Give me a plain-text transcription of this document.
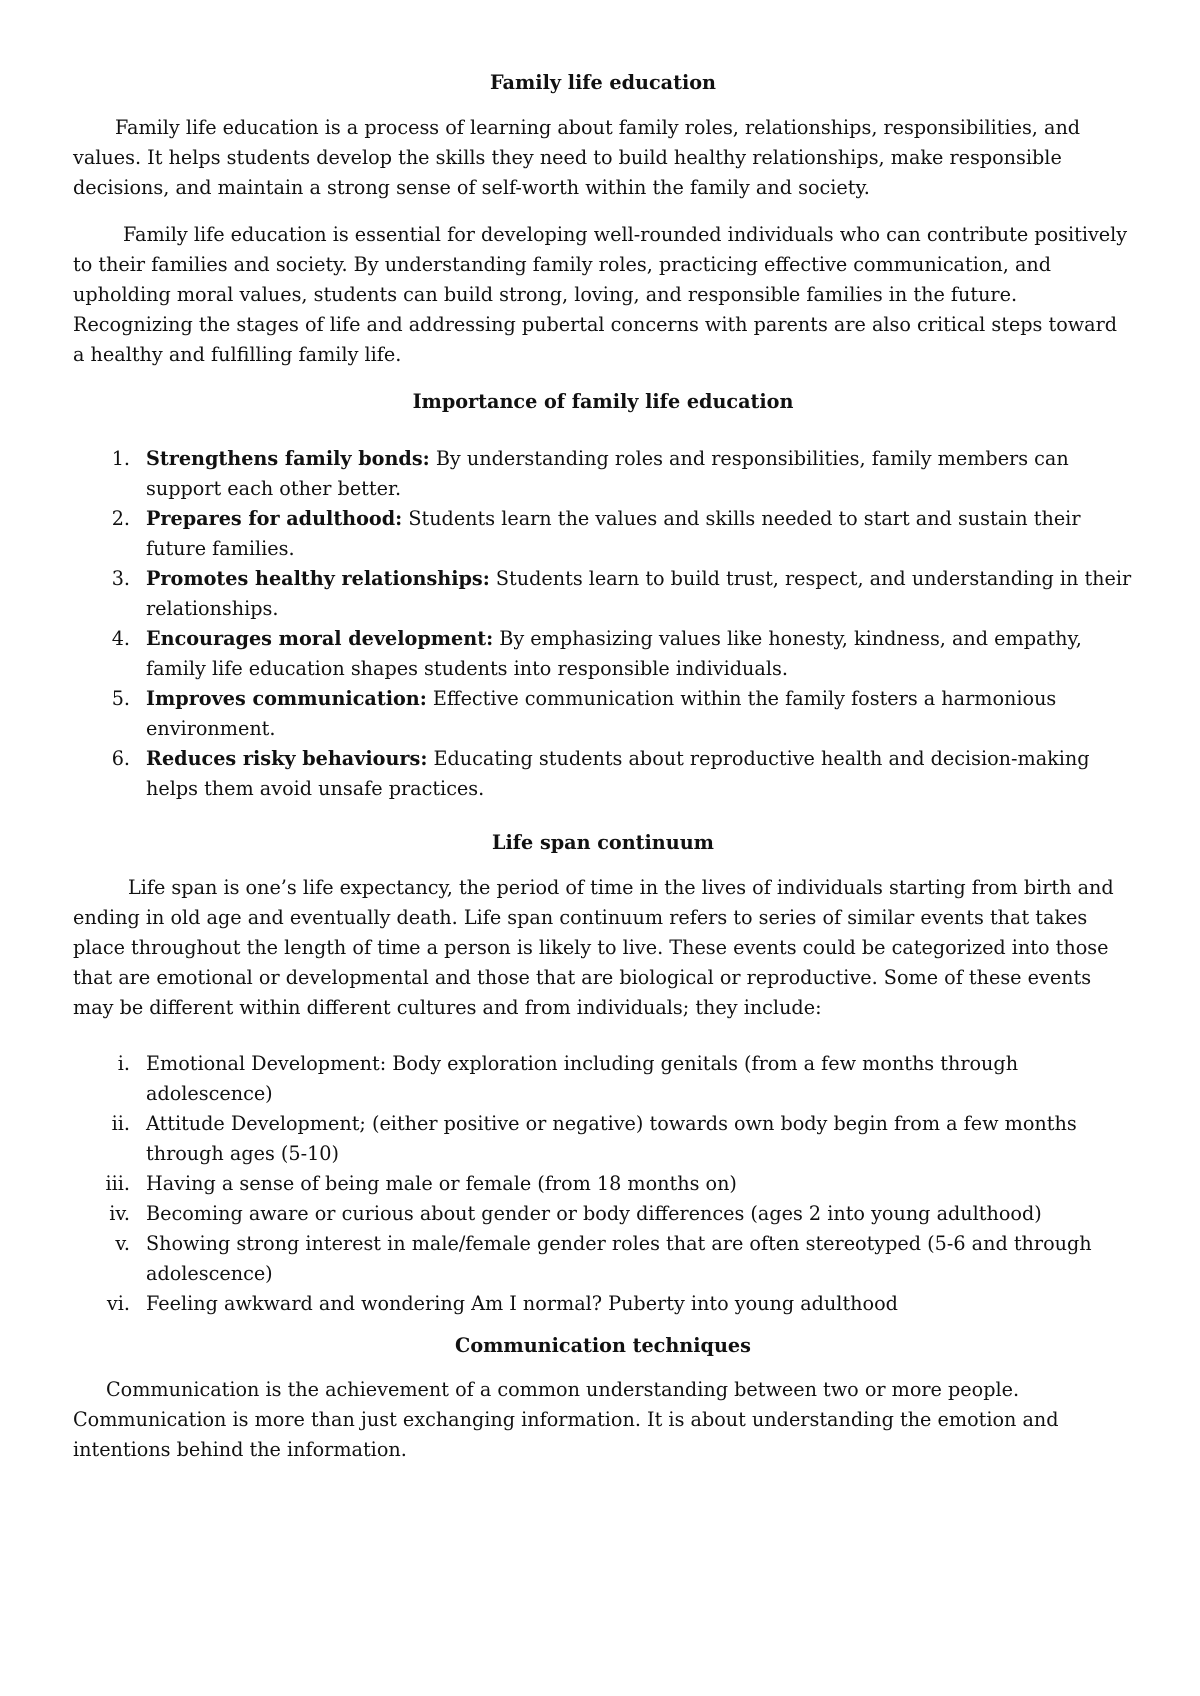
Family life education

Family life education is a process of learning about family roles, relationships, responsibilities, and values. It helps students develop the skills they need to build healthy relationships, make responsible decisions, and maintain a strong sense of self-worth within the family and society.

Family life education is essential for developing well-rounded individuals who can contribute positively to their families and society. By understanding family roles, practicing effective communication, and upholding moral values, students can build strong, loving, and responsible families in the future. Recognizing the stages of life and addressing pubertal concerns with parents are also critical steps toward a healthy and fulfilling family life.

Importance of family life education
1. Strengthens family bonds: By understanding roles and responsibilities, family members can support each other better.
2. Prepares for adulthood: Students learn the values and skills needed to start and sustain their future families.
3. Promotes healthy relationships: Students learn to build trust, respect, and understanding in their relationships.
4. Encourages moral development: By emphasizing values like honesty, kindness, and empathy, family life education shapes students into responsible individuals.
5. Improves communication: Effective communication within the family fosters a harmonious environment.
6. Reduces risky behaviours: Educating students about reproductive health and decision-making helps them avoid unsafe practices.
Life span continuum

Life span is one’s life expectancy, the period of time in the lives of individuals starting from birth and ending in old age and eventually death. Life span continuum refers to series of similar events that takes place throughout the length of time a person is likely to live. These events could be categorized into those that are emotional or developmental and those that are biological or reproductive. Some of these events may be different within different cultures and from individuals; they include:

i. Emotional Development: Body exploration including genitals (from a few months through adolescence)
ii. Attitude Development; (either positive or negative) towards own body begin from a few months through ages (5-10)
iii. Having a sense of being male or female (from 18 months on)
iv. Becoming aware or curious about gender or body differences (ages 2 into young adulthood)
v. Showing strong interest in male/female gender roles that are often stereotyped (5-6 and through adolescence)
vi. Feeling awkward and wondering Am I normal? Puberty into young adulthood
Communication techniques

Communication is the achievement of a common understanding between two or more people. Communication is more than just exchanging information. It is about understanding the emotion and intentions behind the information.
